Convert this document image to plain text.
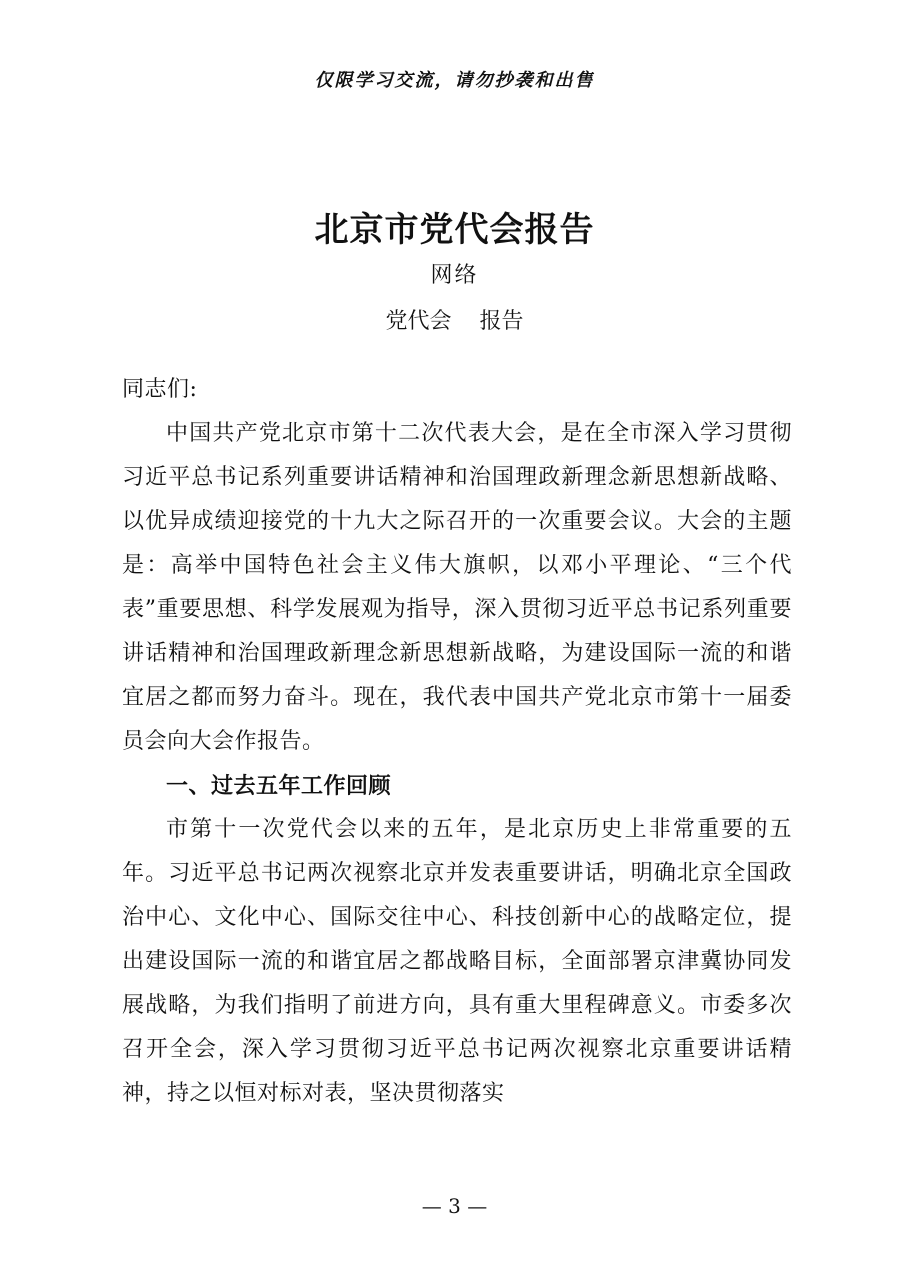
仅限学习交流，请勿抄袭和出售
北京市党代会报告
网络
党代会 报告

同志们:

中国共产党北京市第十二次代表大会，是在全市深入学习贯彻习近平总书记系列重要讲话精神和治国理政新理念新思想新战略、以优异成绩迎接党的十九大之际召开的一次重要会议。大会的主题是：高举中国特色社会主义伟大旗帜，以邓小平理论、“三个代表”重要思想、科学发展观为指导，深入贯彻习近平总书记系列重要讲话精神和治国理政新理念新思想新战略，为建设国际一流的和谐宜居之都而努力奋斗。现在，我代表中国共产党北京市第十一届委员会向大会作报告。

一、过去五年工作回顾

市第十一次党代会以来的五年，是北京历史上非常重要的五年。习近平总书记两次视察北京并发表重要讲话，明确北京全国政治中心、文化中心、国际交往中心、科技创新中心的战略定位，提出建设国际一流的和谐宜居之都战略目标，全面部署京津冀协同发展战略，为我们指明了前进方向，具有重大里程碑意义。市委多次召开全会，深入学习贯彻习近平总书记两次视察北京重要讲话精神，持之以恒对标对表，坚决贯彻落实

— 3 —
